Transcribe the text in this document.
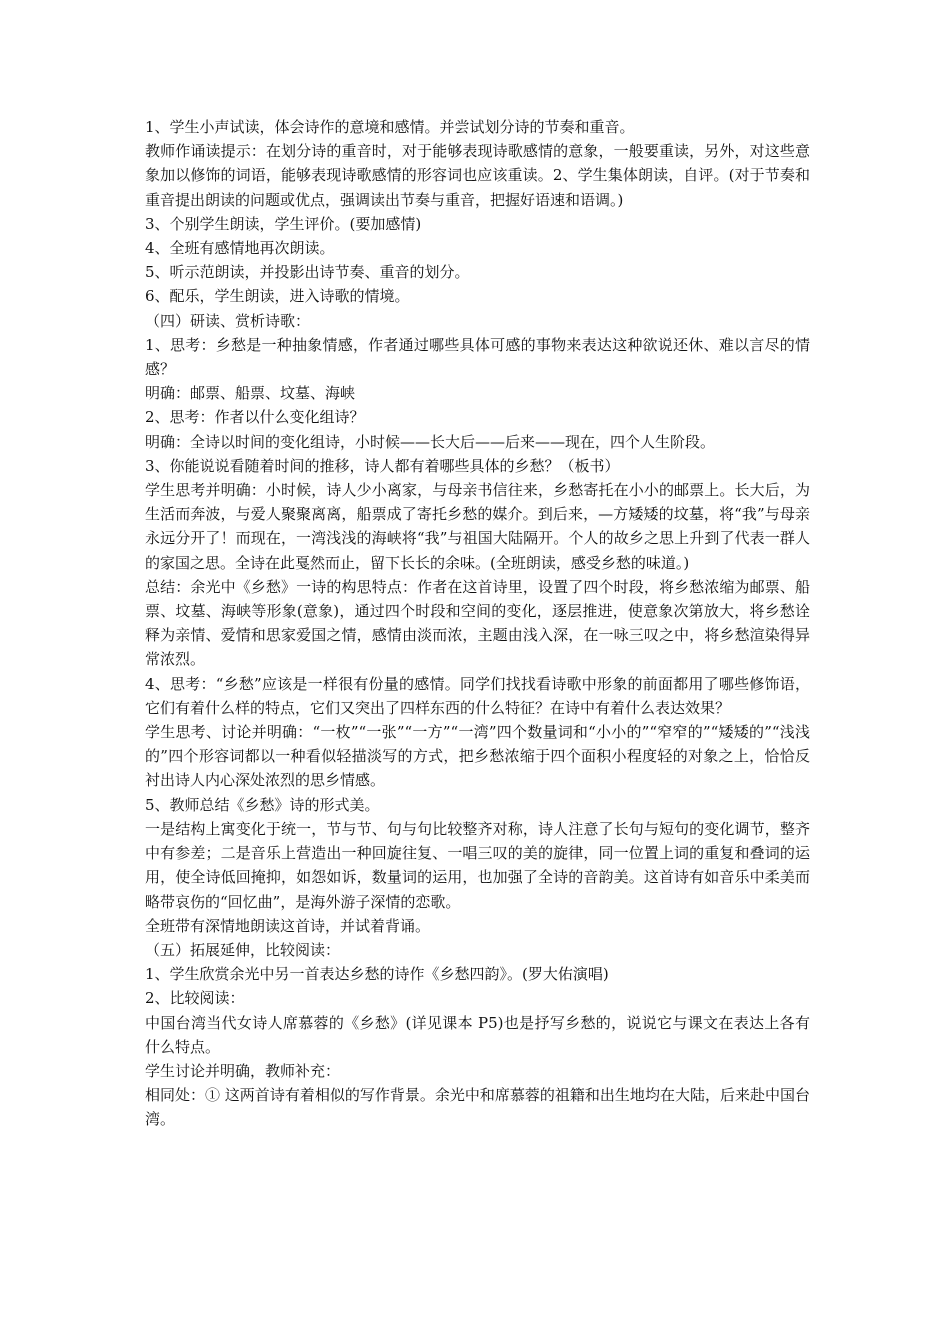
1、学生小声试读，体会诗作的意境和感情。并尝试划分诗的节奏和重音。

教师作诵读提示：在划分诗的重音时，对于能够表现诗歌感情的意象，一般要重读，另外，对这些意象加以修饰的词语，能够表现诗歌感情的形容词也应该重读。2、学生集体朗读，自评。(对于节奏和重音提出朗读的问题或优点，强调读出节奏与重音，把握好语速和语调。)

3、个别学生朗读，学生评价。(要加感情)

4、全班有感情地再次朗读。

5、听示范朗读，并投影出诗节奏、重音的划分。

6、配乐，学生朗读，进入诗歌的情境。

（四）研读、赏析诗歌：

1、思考：乡愁是一种抽象情感，作者通过哪些具体可感的事物来表达这种欲说还休、难以言尽的情感？

明确：邮票、船票、坟墓、海峡

2、思考：作者以什么变化组诗？

明确：全诗以时间的变化组诗，小时候——长大后——后来——现在，四个人生阶段。

3、你能说说看随着时间的推移，诗人都有着哪些具体的乡愁？（板书）

学生思考并明确：小时候，诗人少小离家，与母亲书信往来，乡愁寄托在小小的邮票上。长大后，为生活而奔波，与爱人聚聚离离，船票成了寄托乡愁的媒介。到后来，—方矮矮的坟墓，将“我”与母亲永远分开了！而现在，一湾浅浅的海峡将“我”与祖国大陆隔开。个人的故乡之思上升到了代表一群人的家国之思。全诗在此戛然而止，留下长长的余味。(全班朗读，感受乡愁的味道。)

总结：余光中《乡愁》一诗的构思特点：作者在这首诗里，设置了四个时段，将乡愁浓缩为邮票、船票、坟墓、海峡等形象(意象)，通过四个时段和空间的变化，逐层推进，使意象次第放大，将乡愁诠释为亲情、爱情和思家爱国之情，感情由淡而浓，主题由浅入深，在一咏三叹之中，将乡愁渲染得异常浓烈。

4、思考：“乡愁”应该是一样很有份量的感情。同学们找找看诗歌中形象的前面都用了哪些修饰语，它们有着什么样的特点，它们又突出了四样东西的什么特征？在诗中有着什么表达效果？

学生思考、讨论并明确：“一枚”“一张”“一方”“一湾”四个数量词和“小小的”“窄窄的”“矮矮的”“浅浅的”四个形容词都以一种看似轻描淡写的方式，把乡愁浓缩于四个面积小程度轻的对象之上，恰恰反衬出诗人内心深处浓烈的思乡情感。

5、教师总结《乡愁》诗的形式美。

一是结构上寓变化于统一，节与节、句与句比较整齐对称，诗人注意了长句与短句的变化调节，整齐中有参差；二是音乐上营造出一种回旋往复、一唱三叹的美的旋律，同一位置上词的重复和叠词的运用，使全诗低回掩抑，如怨如诉，数量词的运用，也加强了全诗的音韵美。这首诗有如音乐中柔美而略带哀伤的“回忆曲”，是海外游子深情的恋歌。

全班带有深情地朗读这首诗，并试着背诵。

（五）拓展延伸，比较阅读：

1、学生欣赏余光中另一首表达乡愁的诗作《乡愁四韵》。(罗大佑演唱)

2、比较阅读：

中国台湾当代女诗人席慕蓉的《乡愁》(详见课本 P5)也是抒写乡愁的，说说它与课文在表达上各有什么特点。

学生讨论并明确，教师补充：

相同处：① 这两首诗有着相似的写作背景。余光中和席慕蓉的祖籍和出生地均在大陆，后来赴中国台湾。
